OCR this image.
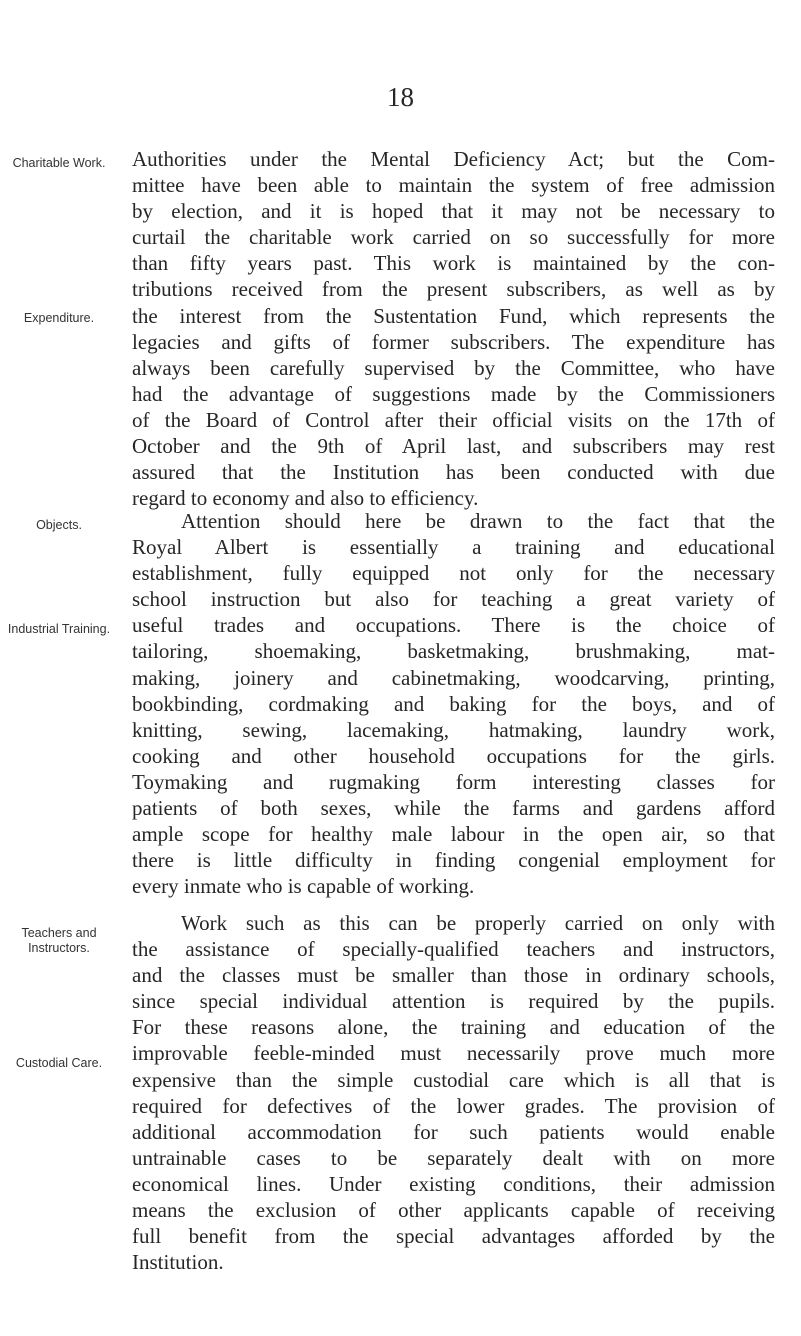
18
Charitable Work.
Expenditure.
Objects.
Industrial Training.
Teachers and Instructors.
Custodial Care.
Authorities under the Mental Deficiency Act; but the Com-
mittee have been able to maintain the system of free admission
by election, and it is hoped that it may not be necessary to
curtail the charitable work carried on so successfully for more
than fifty years past. This work is maintained by the con-
tributions received from the present subscribers, as well as by
the interest from the Sustentation Fund, which represents the
legacies and gifts of former subscribers. The expenditure has
always been carefully supervised by the Committee, who have
had the advantage of suggestions made by the Commissioners
of the Board of Control after their official visits on the 17th of
October and the 9th of April last, and subscribers may rest
assured that the Institution has been conducted with due
regard to economy and also to efficiency.
Attention should here be drawn to the fact that the
Royal Albert is essentially a training and educational
establishment, fully equipped not only for the necessary
school instruction but also for teaching a great variety of
useful trades and occupations. There is the choice of
tailoring, shoemaking, basketmaking, brushmaking, mat-
making, joinery and cabinetmaking, woodcarving, printing,
bookbinding, cordmaking and baking for the boys, and of
knitting, sewing, lacemaking, hatmaking, laundry work,
cooking and other household occupations for the girls.
Toymaking and rugmaking form interesting classes for
patients of both sexes, while the farms and gardens afford
ample scope for healthy male labour in the open air, so that
there is little difficulty in finding congenial employment for
every inmate who is capable of working.
Work such as this can be properly carried on only with
the assistance of specially-qualified teachers and instructors,
and the classes must be smaller than those in ordinary schools,
since special individual attention is required by the pupils.
For these reasons alone, the training and education of the
improvable feeble-minded must necessarily prove much more
expensive than the simple custodial care which is all that is
required for defectives of the lower grades. The provision of
additional accommodation for such patients would enable
untrainable cases to be separately dealt with on more
economical lines. Under existing conditions, their admission
means the exclusion of other applicants capable of receiving
full benefit from the special advantages afforded by the
Institution.
